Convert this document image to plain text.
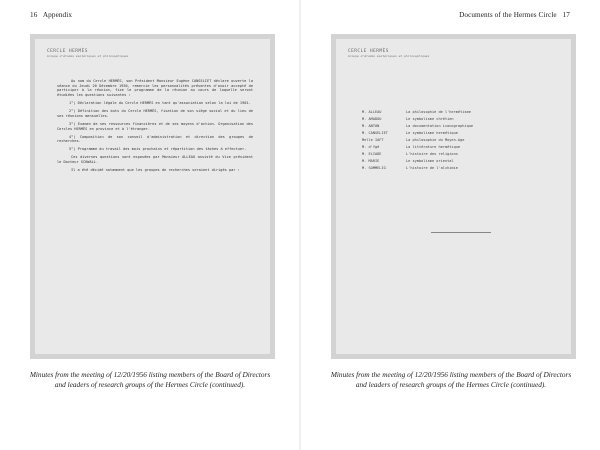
16 Appendix
CERCLE HERMÈS
Groupe d'études ésotériques et philosophiques

Au nom du Cercle HERMÈS, son Président Monsieur Eugène CANSELIET déclare ouverte la séance du Jeudi 20 Décembre 1956, remercie les personnalités présentes d'avoir accepté de participer à la réunion, fixe le programme de la réunion au cours de laquelle seront étudiées les questions suivantes :

1°) Déclaration légale du Cercle HERMÈS en tant qu'association selon la loi de 1901.

2°) Définition des buts du Cercle HERMÈS, fixation de son siège social et du lieu de ses réunions mensuelles.

3°) Examen de ses ressources financières et de ses moyens d'action. Organisation des Cercles HERMÈS en province et à l'étranger.

4°) Composition de son conseil d'administration et direction des groupes de recherches.

5°) Programme du travail des mois prochains et répartition des tâches à effectuer.

Ces diverses questions sont exposées par Monsieur ALLEAU assisté du Vice président le Docteur SCHWALL.

Il a été décidé notamment que les groupes de recherches seraient dirigés par :

Minutes from the meeting of 12/20/1956 listing members of the Board of Directors and leaders of research groups of the Hermes Circle (continued).
Documents of the Hermes Circle 17
CERCLE HERMÈS
Groupe d'études ésotériques et philosophiques
M. ALLEAU	La philosophie de l'hermétisme
M. AMADOU	Le symbolisme chrétien
M. ANTON	La documentation iconographique
M. CANSELIET	Le symbolisme hermétique
Melle IAFT	La philosophie du Moyen-Age
M. d'Ygé	La littérature hermétique
M. ELIADE	L'histoire des religions
M. MARIE	Le symbolisme oriental
M. SOMMELIG	L'histoire de l'alchimie
Minutes from the meeting of 12/20/1956 listing members of the Board of Directors and leaders of research groups of the Hermes Circle (continued).
